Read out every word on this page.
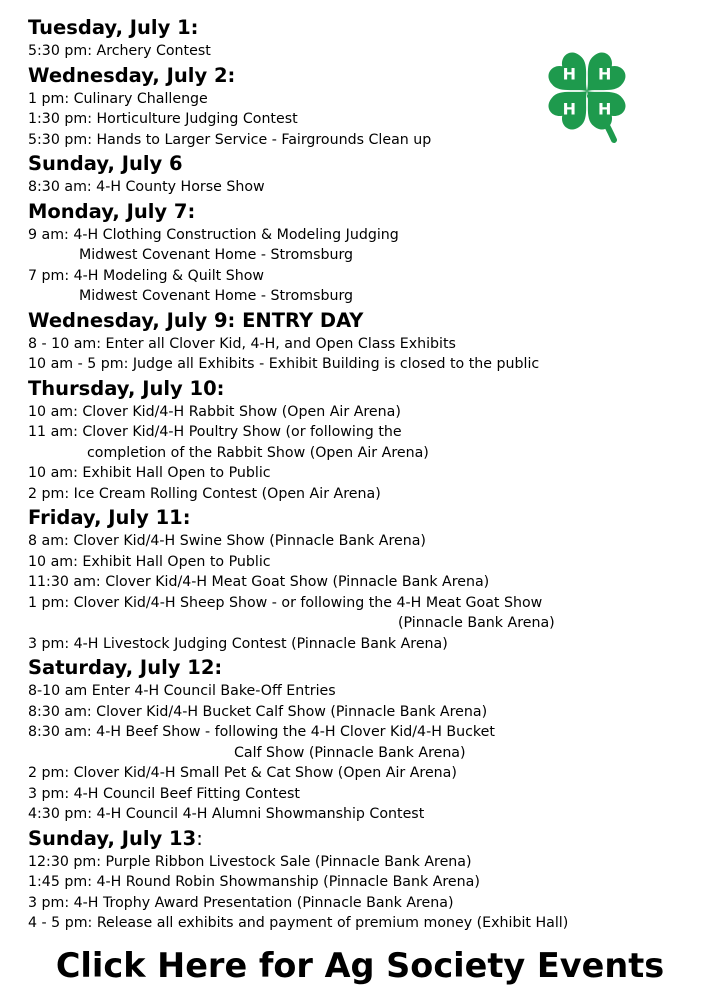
Tuesday, July 1:
5:30 pm: Archery Contest
Wednesday, July 2:
1 pm: Culinary Challenge
1:30 pm: Horticulture Judging Contest
5:30 pm: Hands to Larger Service - Fairgrounds Clean up
Sunday, July 6
8:30 am: 4-H County Horse Show
Monday, July 7:
9 am: 4-H Clothing Construction & Modeling Judging
Midwest Covenant Home - Stromsburg
7 pm: 4-H Modeling & Quilt Show
Midwest Covenant Home - Stromsburg
Wednesday, July 9: ENTRY DAY
8 - 10 am: Enter all Clover Kid, 4-H, and Open Class Exhibits
10 am - 5 pm: Judge all Exhibits - Exhibit Building is closed to the public
Thursday, July 10:
10 am: Clover Kid/4-H Rabbit Show (Open Air Arena)
11 am: Clover Kid/4-H Poultry Show (or following the
completion of the Rabbit Show (Open Air Arena)
10 am: Exhibit Hall Open to Public
2 pm: Ice Cream Rolling Contest (Open Air Arena)
Friday, July 11:
8 am: Clover Kid/4-H Swine Show (Pinnacle Bank Arena)
10 am: Exhibit Hall Open to Public
11:30 am: Clover Kid/4-H Meat Goat Show (Pinnacle Bank Arena)
1 pm: Clover Kid/4-H Sheep Show - or following the 4-H Meat Goat Show
(Pinnacle Bank Arena)
3 pm: 4-H Livestock Judging Contest (Pinnacle Bank Arena)
Saturday, July 12:
8-10 am Enter 4-H Council Bake-Off Entries
8:30 am: Clover Kid/4-H Bucket Calf Show (Pinnacle Bank Arena)
8:30 am: 4-H Beef Show - following the 4-H Clover Kid/4-H Bucket
Calf Show (Pinnacle Bank Arena)
2 pm: Clover Kid/4-H Small Pet & Cat Show (Open Air Arena)
3 pm: 4-H Council Beef Fitting Contest
4:30 pm: 4-H Council 4-H Alumni Showmanship Contest
Sunday, July 13:
12:30 pm: Purple Ribbon Livestock Sale (Pinnacle Bank Arena)
1:45 pm: 4-H Round Robin Showmanship (Pinnacle Bank Arena)
3 pm: 4-H Trophy Award Presentation (Pinnacle Bank Arena)
4 - 5 pm: Release all exhibits and payment of premium money (Exhibit Hall)
H H
H
H
Click Here for Ag Society Events
